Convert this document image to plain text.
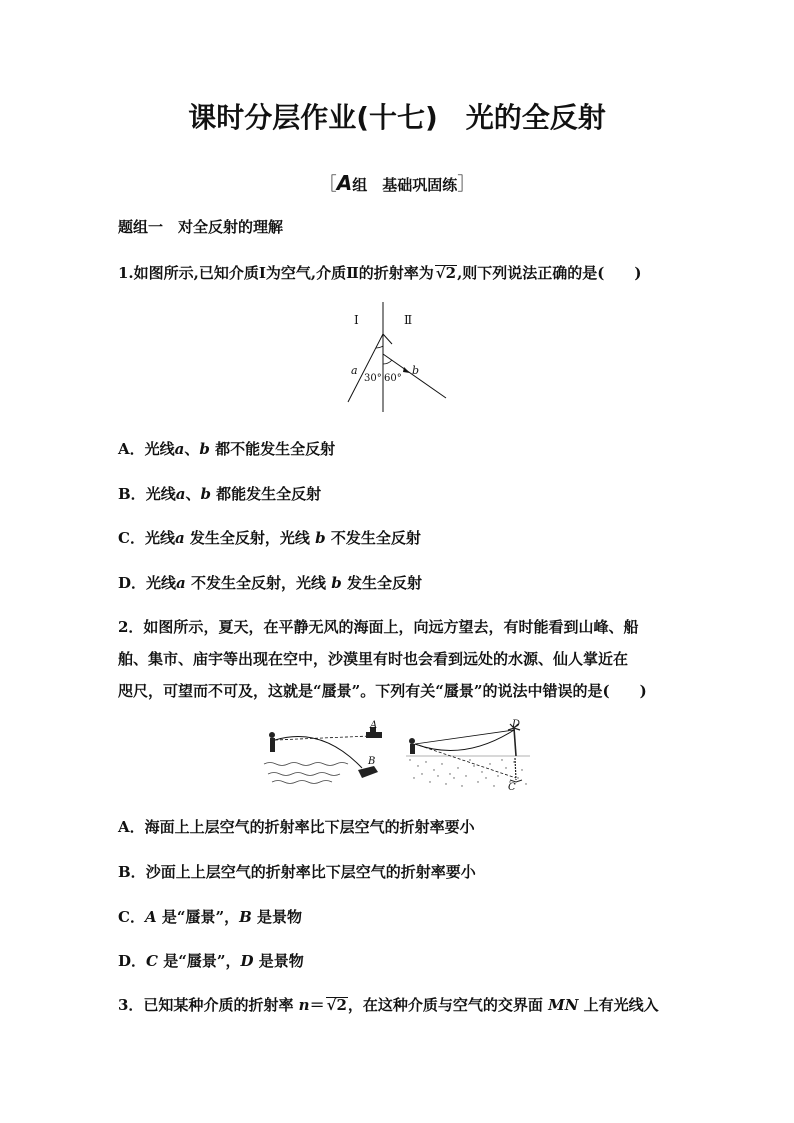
课时分层作业(十七) 光的全反射
［A组　基础巩固练］
题组一　对全反射的理解
1.如图所示,已知介质Ⅰ为空气,介质Ⅱ的折射率为 √2,则下列说法正确的是(　　)
Ⅰ	Ⅱ
a	b
30° 60°
A．光线a、b 都不能发生全反射
B．光线a、b 都能发生全反射
C．光线a 发生全反射，光线 b 不发生全反射
D．光线a 不发生全反射，光线 b 发生全反射
2．如图所示，夏天，在平静无风的海面上，向远方望去，有时能看到山峰、船
舶、集市、庙宇等出现在空中，沙漠里有时也会看到远处的水源、仙人掌近在
咫尺，可望而不可及，这就是“蜃景”。下列有关“蜃景”的说法中错误的是(　　)
A
B
D
C
A．海面上上层空气的折射率比下层空气的折射率要小
B．沙面上上层空气的折射率比下层空气的折射率要小
C．A 是“蜃景”，B 是景物
D．C 是“蜃景”，D 是景物
3．已知某种介质的折射率 n＝ √2，在这种介质与空气的交界面 MN 上有光线入
